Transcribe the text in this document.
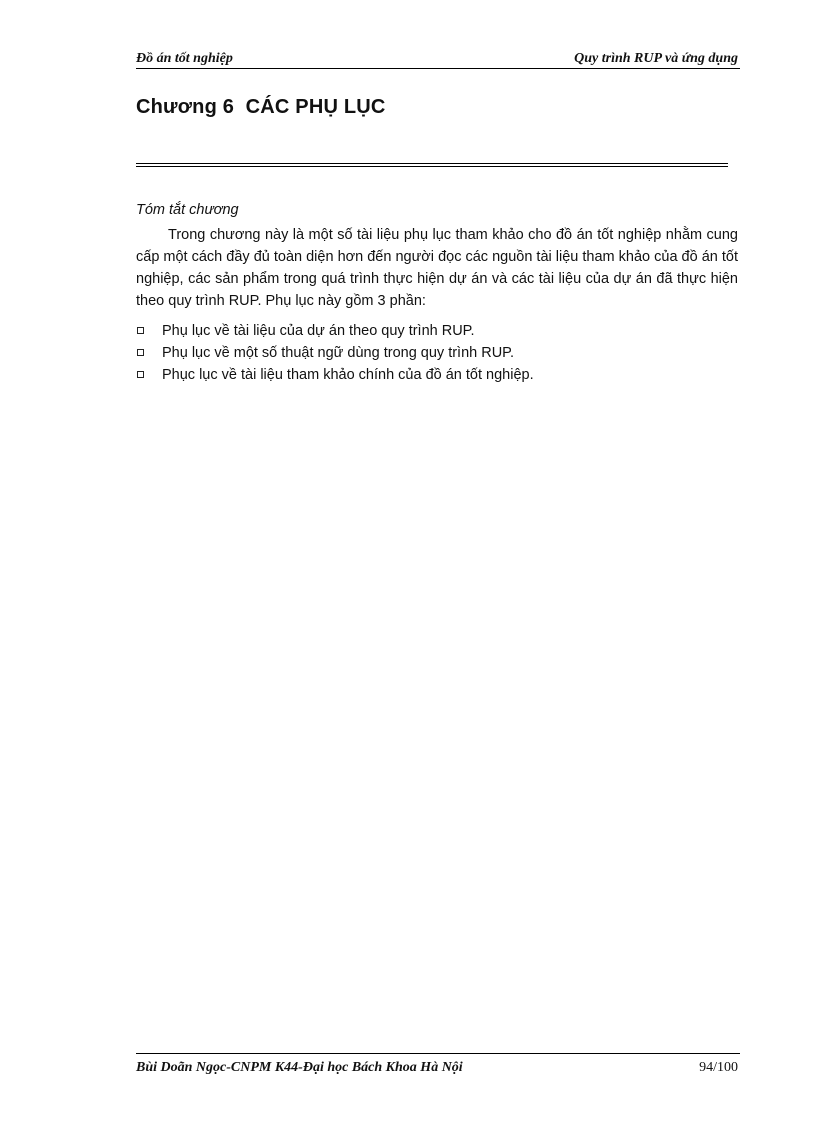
Đồ án tốt nghiệp	Quy trình RUP và ứng dụng
Chương 6  CÁC PHỤ LỤC
Tóm tắt chương

Trong chương này là một số tài liệu phụ lục tham khảo cho đồ án tốt nghiệp nhằm cung cấp một cách đầy đủ toàn diện hơn đến người đọc các nguồn tài liệu tham khảo của đồ án tốt nghiệp, các sản phẩm trong quá trình thực hiện dự án và các tài liệu của dự án đã thực hiện theo quy trình RUP. Phụ lục này gồm 3 phần:

Phụ lục về tài liệu của dự án theo quy trình RUP.
Phụ lục về một số thuật ngữ dùng trong quy trình RUP.
Phục lục về tài liệu tham khảo chính của đồ án tốt nghiệp.
Bùi Doãn Ngọc-CNPM K44-Đại học Bách Khoa Hà Nội	94/100
